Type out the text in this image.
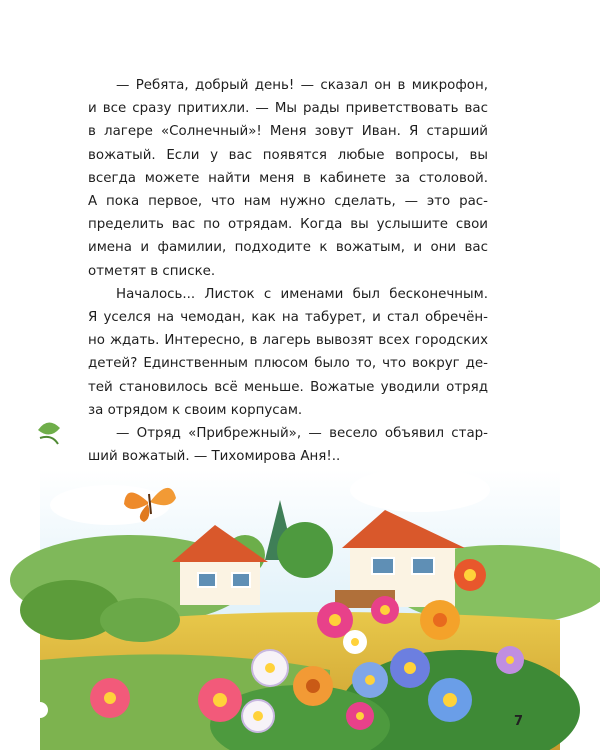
— Ребята, добрый день! — сказал он в микрофон,
и все сразу притихли. — Мы рады приветствовать вас
в лагере «Солнечный»! Меня зовут Иван. Я старший
вожатый. Если у вас появятся любые вопросы, вы
всегда можете найти меня в кабинете за столовой.
А пока первое, что нам нужно сделать, — это рас-
пределить вас по отрядам. Когда вы услышите свои
имена и фамилии, подходите к вожатым, и они вас
отметят в списке.
Началось... Листок с именами был бесконечным.
Я уселся на чемодан, как на табурет, и стал обречён-
но ждать. Интересно, в лагерь вывозят всех городских
детей? Единственным плюсом было то, что вокруг де-
тей становилось всё меньше. Вожатые уводили отряд
за отрядом к своим корпусам.
— Отряд «Прибрежный», — весело объявил стар-
ший вожатый. — Тихомирова Аня!..
7
